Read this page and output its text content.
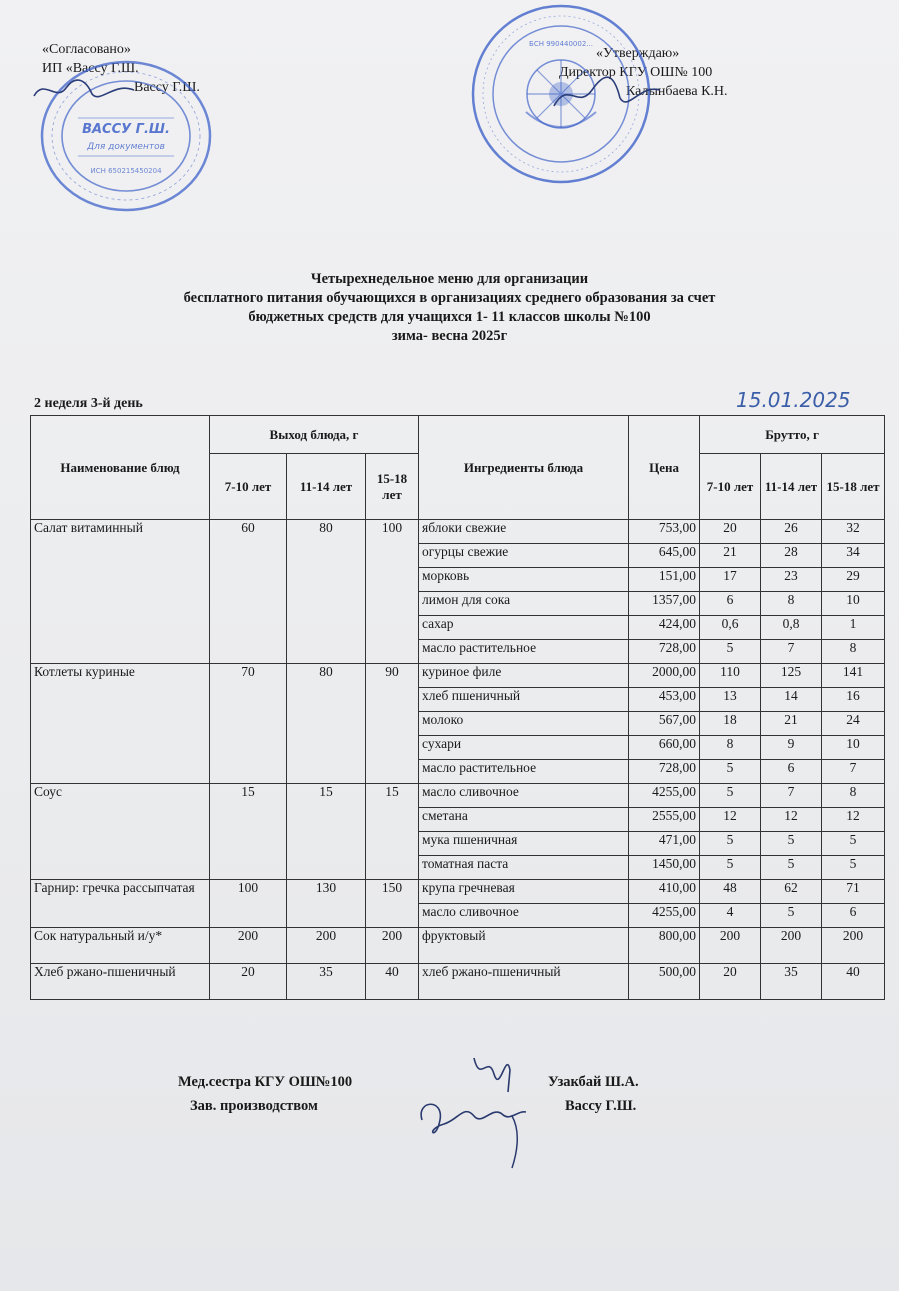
«Согласовано»
ИП «Вассу Г.Ш.
Вассу Г.Ш.
«Утверждаю»
Директор КГУ ОШ№ 100
Калынбаева К.Н.
ВАССУ Г.Ш.
Для документов
ИСН 650215450204
БСН 990440002...
Четырехнедельное меню для организации
бесплатного питания обучающихся в организациях среднего образования за счет
бюджетных средств для учащихся 1- 11 классов школы №100
зима- весна 2025г
2 неделя 3-й день	15.01.2025
Наименование блюд	Выход блюда, г			Ингредиенты блюда	Цена	Брутто, г		
	7-10 лет	11-14 лет	15-18 лет			7-10 лет	11-14 лет	15-18 лет
Салат витаминный	60	80	100	яблоки свежие	753,00	20	26	32
				огурцы свежие	645,00	21	28	34
				морковь	151,00	17	23	29
				лимон для сока	1357,00	6	8	10
				сахар	424,00	0,6	0,8	1
				масло растительное	728,00	5	7	8
Котлеты куриные	70	80	90	куриное филе	2000,00	110	125	141
				хлеб пшеничный	453,00	13	14	16
				молоко	567,00	18	21	24
				сухари	660,00	8	9	10
				масло растительное	728,00	5	6	7
Соус	15	15	15	масло сливочное	4255,00	5	7	8
				сметана	2555,00	12	12	12
				мука пшеничная	471,00	5	5	5
				томатная паста	1450,00	5	5	5
Гарнир: гречка рассыпчатая	100	130	150	крупа гречневая	410,00	48	62	71
				масло сливочное	4255,00	4	5	6
Сок натуральный и/у*	200	200	200	фруктовый	800,00	200	200	200
Хлеб ржано-пшеничный	20	35	40	хлеб ржано-пшеничный	500,00	20	35	40
Мед.сестра КГУ ОШ№100	Узакбай Ш.А.
Зав. производством	Вассу Г.Ш.
